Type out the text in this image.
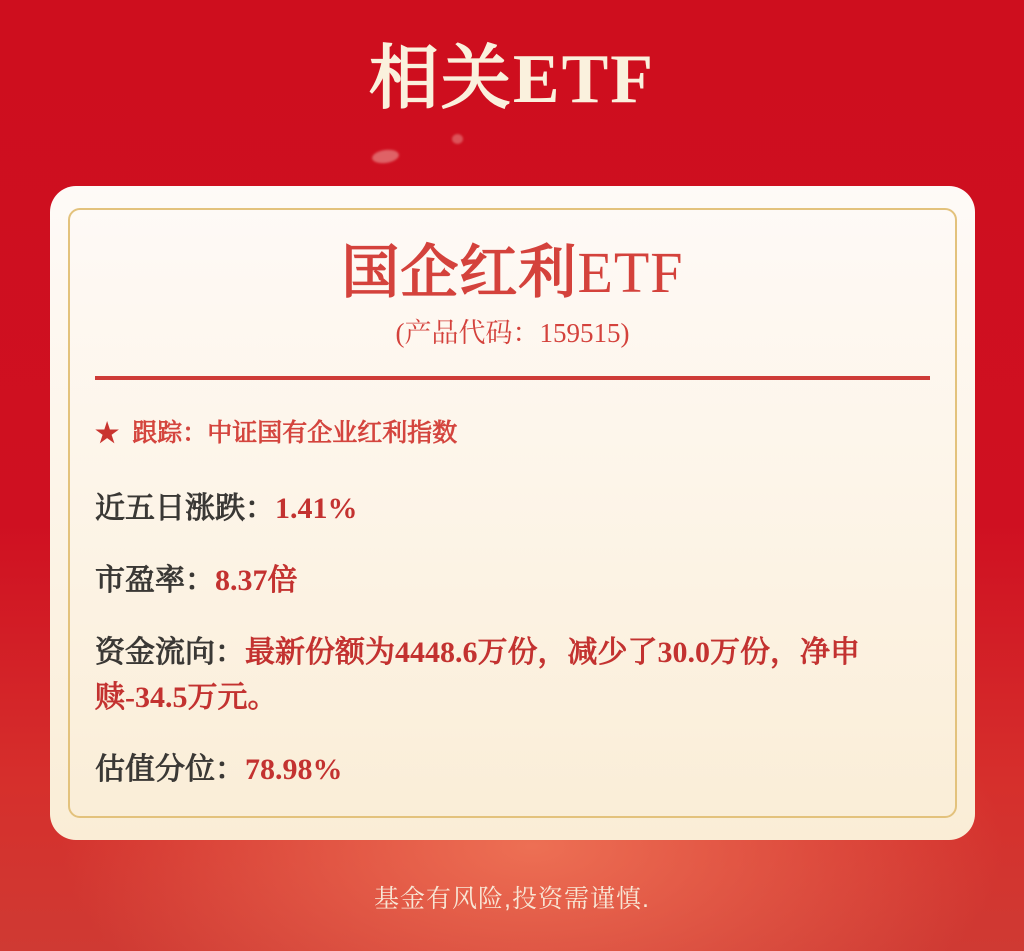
相关ETF
国企红利ETF
(产品代码：159515)
★ 跟踪：中证国有企业红利指数

近五日涨跌：1.41%

市盈率：8.37倍

资金流向：最新份额为4448.6万份，减少了30.0万份，净申赎-34.5万元。

估值分位：78.98%

基金有风险,投资需谨慎.
